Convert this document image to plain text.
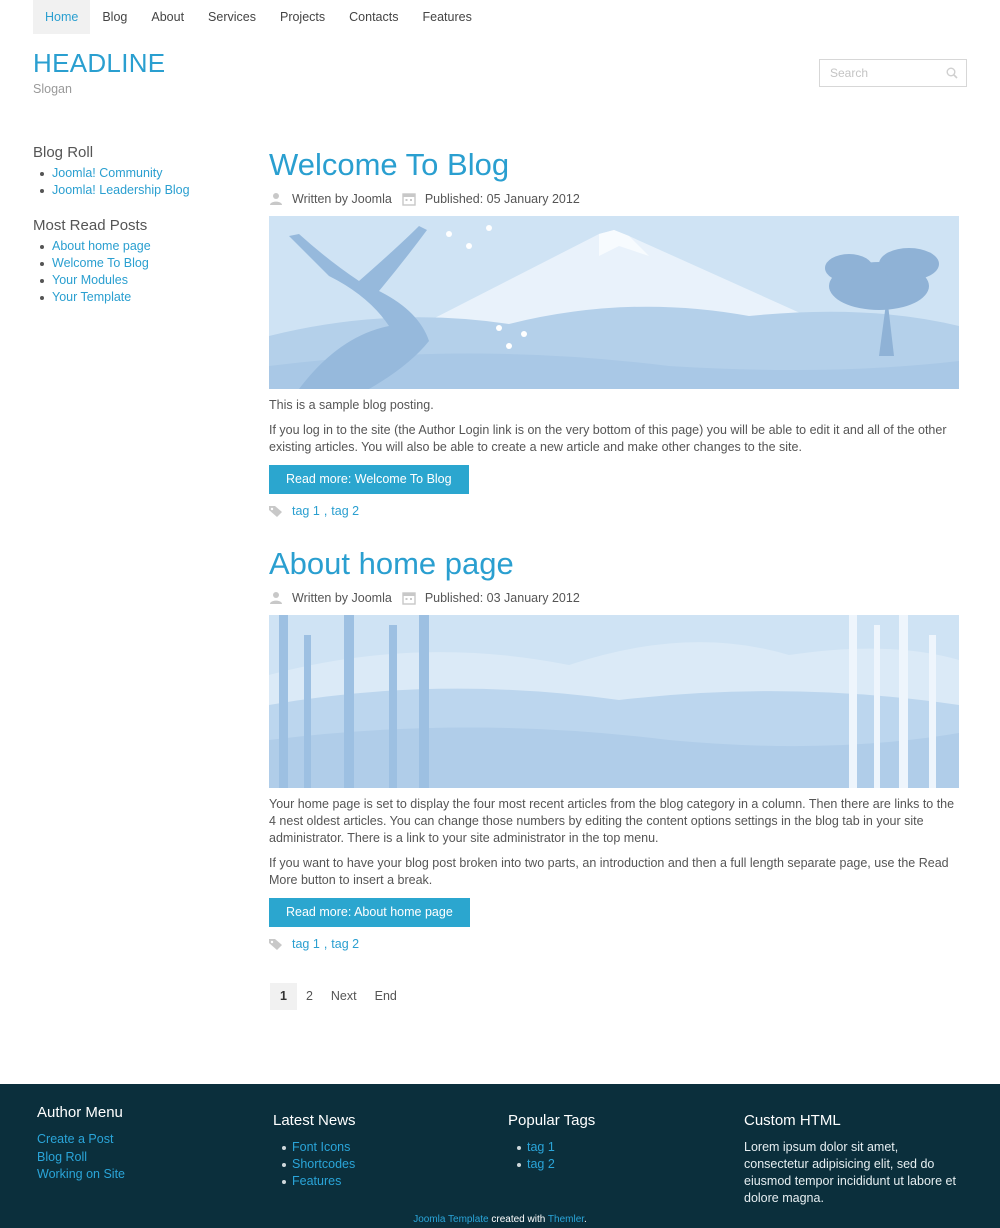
Home	Blog	About	Services	Projects	Contacts	Features
HEADLINE
Slogan
Search
Blog Roll
Joomla! Community
Joomla! Leadership Blog
Most Read Posts
About home page
Welcome To Blog
Your Modules
Your Template
Welcome To Blog
Written by Joomla	Published: 05 January 2012

This is a sample blog posting.

If you log in to the site (the Author Login link is on the very bottom of this page) you will be able to edit it and all of the other existing articles. You will also be able to create a new article and make other changes to the site.

Read more: Welcome To Blog
tag 1 , tag 2
About home page
Written by Joomla	Published: 03 January 2012

Your home page is set to display the four most recent articles from the blog category in a column. Then there are links to the 4 nest oldest articles. You can change those numbers by editing the content options settings in the blog tab in your site administrator. There is a link to your site administrator in the top menu.

If you want to have your blog post broken into two parts, an introduction and then a full length separate page, use the Read More button to insert a break.

Read more: About home page
tag 1 , tag 2
1	2	Next	End
Author Menu
Create a Post
Blog Roll
Working on Site
Latest News
Font Icons
Shortcodes
Features
Popular Tags
tag 1
tag 2
Custom HTML

Lorem ipsum dolor sit amet, consectetur adipisicing elit, sed do eiusmod tempor incididunt ut labore et dolore magna.

Joomla Template created with Themler.
